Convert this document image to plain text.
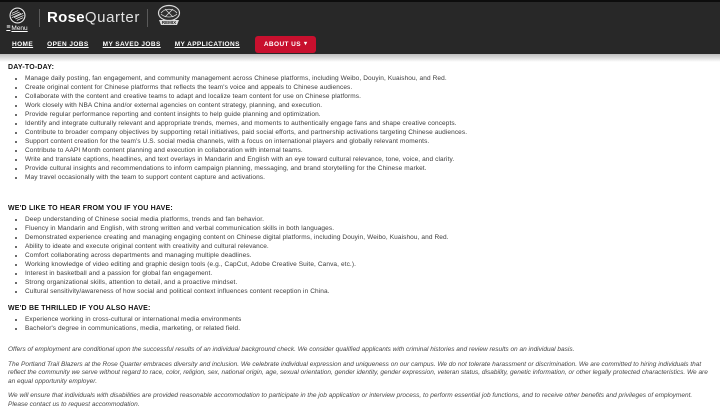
≡ Menu
RoseQuarter	REMIX
HOME OPEN JOBS MY SAVED JOBS MY APPLICATIONS	ABOUT US ▾
DAY-TO-DAY:
• Manage daily posting, fan engagement, and community management across Chinese platforms, including Weibo, Douyin, Kuaishou, and Red.
• Create original content for Chinese platforms that reflects the team's voice and appeals to Chinese audiences.
• Collaborate with the content and creative teams to adapt and localize team content for use on Chinese platforms.
• Work closely with NBA China and/or external agencies on content strategy, planning, and execution.
• Provide regular performance reporting and content insights to help guide planning and optimization.
• Identify and integrate culturally relevant and appropriate trends, memes, and moments to authentically engage fans and shape creative concepts.
• Contribute to broader company objectives by supporting retail initiatives, paid social efforts, and partnership activations targeting Chinese audiences.
• Support content creation for the team's U.S. social media channels, with a focus on international players and globally relevant moments.
• Contribute to AAPI Month content planning and execution in collaboration with internal teams.
• Write and translate captions, headlines, and text overlays in Mandarin and English with an eye toward cultural relevance, tone, voice, and clarity.
• Provide cultural insights and recommendations to inform campaign planning, messaging, and brand storytelling for the Chinese market.
• May travel occasionally with the team to support content capture and activations.
WE'D LIKE TO HEAR FROM YOU IF YOU HAVE:
• Deep understanding of Chinese social media platforms, trends and fan behavior.
• Fluency in Mandarin and English, with strong written and verbal communication skills in both languages.
• Demonstrated experience creating and managing engaging content on Chinese digital platforms, including Douyin, Weibo, Kuaishou, and Red.
• Ability to ideate and execute original content with creativity and cultural relevance.
• Comfort collaborating across departments and managing multiple deadlines.
• Working knowledge of video editing and graphic design tools (e.g., CapCut, Adobe Creative Suite, Canva, etc.).
• Interest in basketball and a passion for global fan engagement.
• Strong organizational skills, attention to detail, and a proactive mindset.
• Cultural sensitivity/awareness of how social and political context influences content reception in China.
WE'D BE THRILLED IF YOU ALSO HAVE:
• Experience working in cross-cultural or international media environments
• Bachelor's degree in communications, media, marketing, or related field.

Offers of employment are conditional upon the successful results of an individual background check. We consider qualified applicants with criminal histories and review results on an individual basis.

The Portland Trail Blazers at the Rose Quarter embraces diversity and inclusion. We celebrate individual expression and uniqueness on our campus. We do not tolerate harassment or discrimination. We are committed to hiring individuals that reflect the community we serve without regard to race, color, religion, sex, national origin, age, sexual orientation, gender identity, gender expression, veteran status, disability, genetic information, or other legally protected characteristics. We are an equal opportunity employer.

We will ensure that individuals with disabilities are provided reasonable accommodation to participate in the job application or interview process, to perform essential job functions, and to receive other benefits and privileges of employment. Please contact us to request accommodation.
